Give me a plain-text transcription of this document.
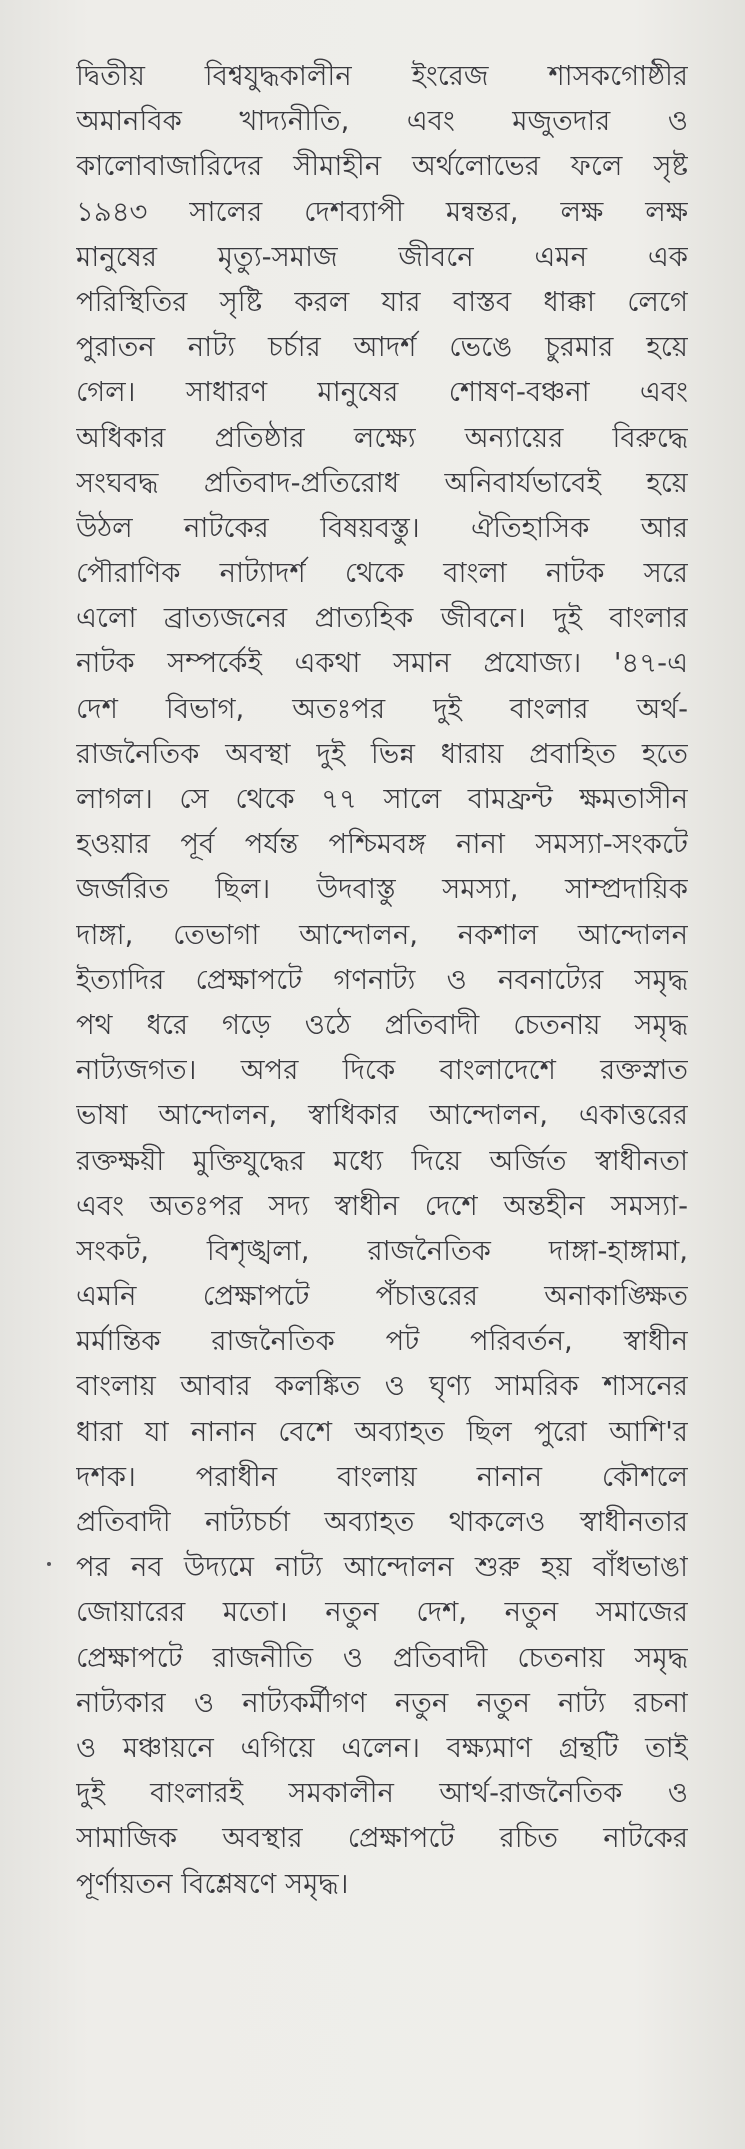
দ্বিতীয় বিশ্বযুদ্ধকালীন ইংরেজ শাসকগোষ্ঠীর
অমানবিক খাদ্যনীতি, এবং মজুতদার ও
কালোবাজারিদের সীমাহীন অর্থলোভের ফলে সৃষ্ট
১৯৪৩ সালের দেশব্যাপী মন্বন্তর, লক্ষ লক্ষ
মানুষের মৃত্যু-সমাজ জীবনে এমন এক
পরিস্থিতির সৃষ্টি করল যার বাস্তব ধাক্কা লেগে
পুরাতন নাট্য চর্চার আদর্শ ভেঙে চুরমার হয়ে
গেল। সাধারণ মানুষের শোষণ-বঞ্চনা এবং
অধিকার প্রতিষ্ঠার লক্ষ্যে অন্যায়ের বিরুদ্ধে
সংঘবদ্ধ প্রতিবাদ-প্রতিরোধ অনিবার্যভাবেই হয়ে
উঠল নাটকের বিষয়বস্তু। ঐতিহাসিক আর
পৌরাণিক নাট্যাদর্শ থেকে বাংলা নাটক সরে
এলো ব্রাত্যজনের প্রাত্যহিক জীবনে। দুই বাংলার
নাটক সম্পর্কেই একথা সমান প্রযোজ্য। '৪৭-এ
দেশ বিভাগ, অতঃপর দুই বাংলার অর্থ-
রাজনৈতিক অবস্থা দুই ভিন্ন ধারায় প্রবাহিত হতে
লাগল। সে থেকে ৭৭ সালে বামফ্রন্ট ক্ষমতাসীন
হওয়ার পূর্ব পর্যন্ত পশ্চিমবঙ্গ নানা সমস্যা-সংকটে
জর্জরিত ছিল। উদবাস্তু সমস্যা, সাম্প্রদায়িক
দাঙ্গা, তেভাগা আন্দোলন, নকশাল আন্দোলন
ইত্যাদির প্রেক্ষাপটে গণনাট্য ও নবনাট্যের সমৃদ্ধ
পথ ধরে গড়ে ওঠে প্রতিবাদী চেতনায় সমৃদ্ধ
নাট্যজগত। অপর দিকে বাংলাদেশে রক্তস্নাত
ভাষা আন্দোলন, স্বাধিকার আন্দোলন, একাত্তরের
রক্তক্ষয়ী মুক্তিযুদ্ধের মধ্যে দিয়ে অর্জিত স্বাধীনতা
এবং অতঃপর সদ্য স্বাধীন দেশে অন্তহীন সমস্যা-
সংকট, বিশৃঙ্খলা, রাজনৈতিক দাঙ্গা-হাঙ্গামা,
এমনি প্রেক্ষাপটে পঁচাত্তরের অনাকাঙ্ক্ষিত
মর্মান্তিক রাজনৈতিক পট পরিবর্তন, স্বাধীন
বাংলায় আবার কলঙ্কিত ও ঘৃণ্য সামরিক শাসনের
ধারা যা নানান বেশে অব্যাহত ছিল পুরো আশি'র
দশক। পরাধীন বাংলায় নানান কৌশলে
প্রতিবাদী নাট্যচর্চা অব্যাহত থাকলেও স্বাধীনতার
পর নব উদ্যমে নাট্য আন্দোলন শুরু হয় বাঁধভাঙা
জোয়ারের মতো। নতুন দেশ, নতুন সমাজের
প্রেক্ষাপটে রাজনীতি ও প্রতিবাদী চেতনায় সমৃদ্ধ
নাট্যকার ও নাট্যকর্মীগণ নতুন নতুন নাট্য রচনা
ও মঞ্চায়নে এগিয়ে এলেন। বক্ষ্যমাণ গ্রন্থটি তাই
দুই বাংলারই সমকালীন আর্থ-রাজনৈতিক ও
সামাজিক অবস্থার প্রেক্ষাপটে রচিত নাটকের
পূর্ণায়তন বিশ্লেষণে সমৃদ্ধ।
